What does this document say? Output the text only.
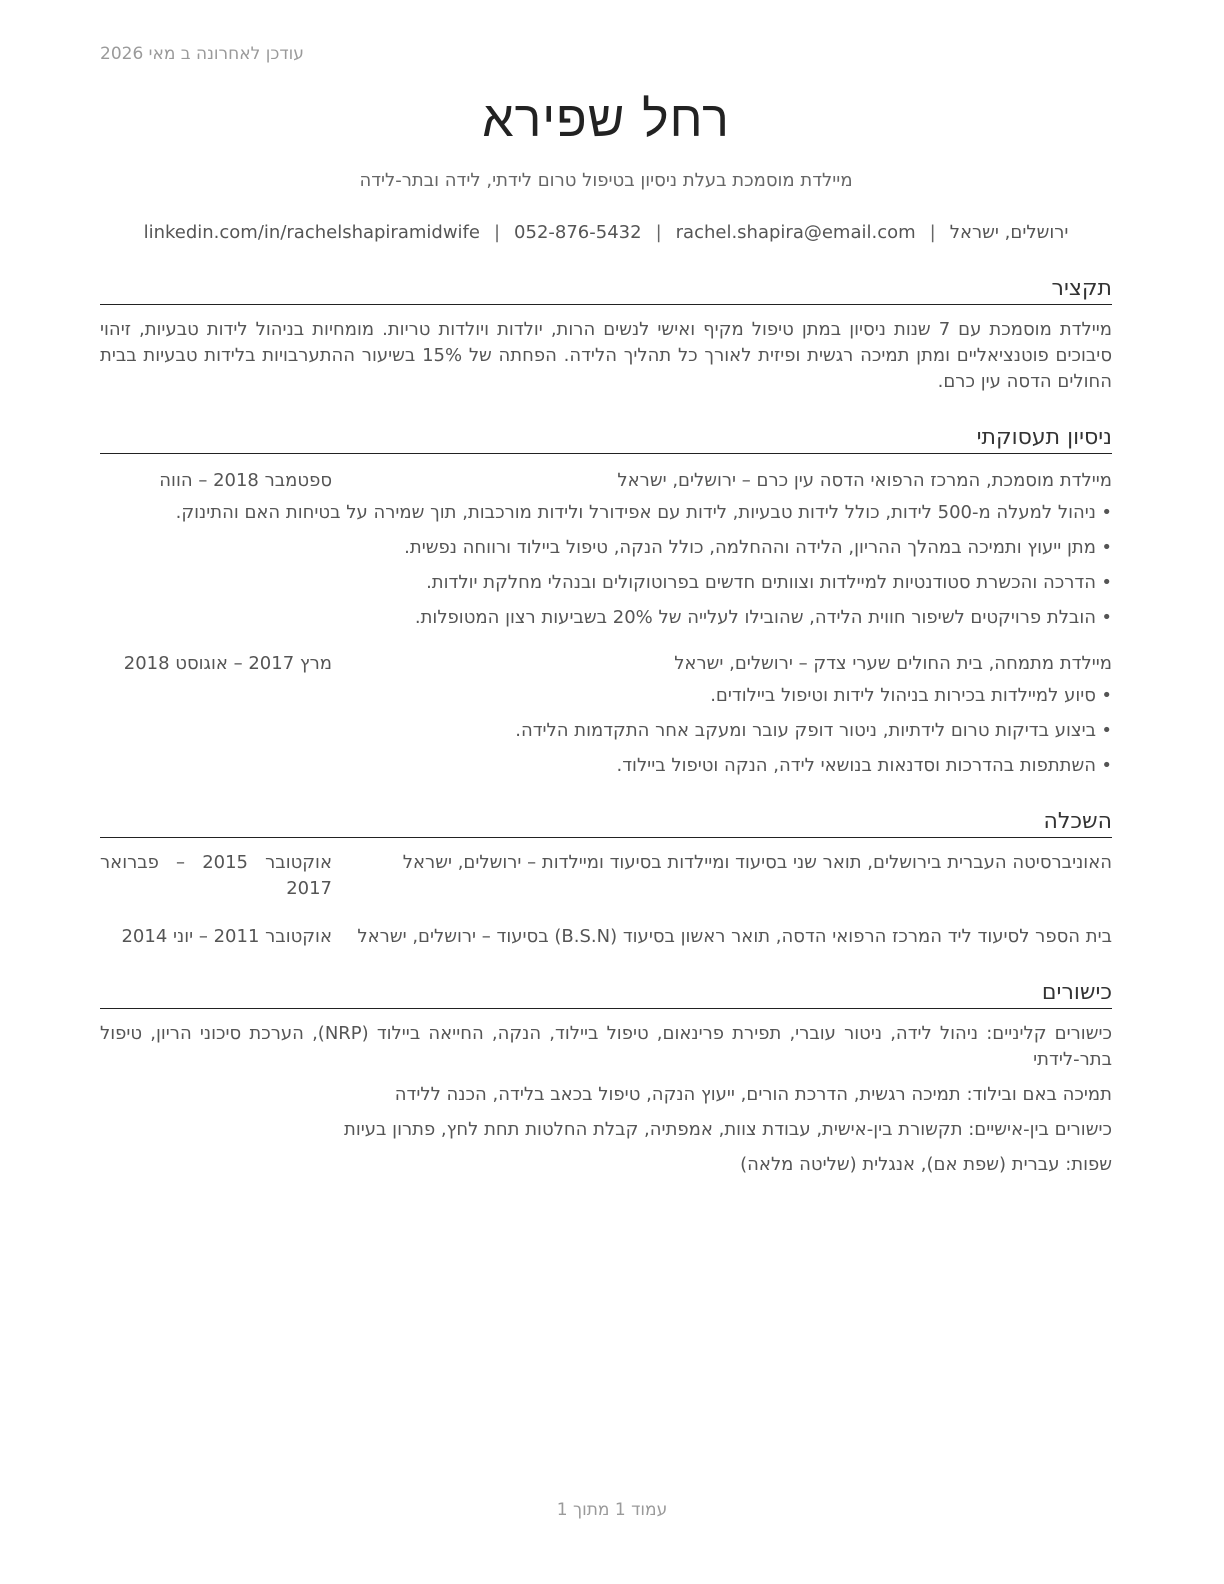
עודכן לאחרונה ב מאי 2026
רחל שפירא
מיילדת מוסמכת בעלת ניסיון בטיפול טרום לידתי, לידה ובתר-לידה
ירושלים, ישראל|rachel.shapira@email.com|052-876-5432|linkedin.com/in/rachelshapiramidwife
תקציר
מיילדת מוסמכת עם 7 שנות ניסיון במתן טיפול מקיף ואישי לנשים הרות, יולדות ויולדות טריות. מומחיות בניהול לידות טבעיות, זיהוי סיבוכים פוטנציאליים ומתן תמיכה רגשית ופיזית לאורך כל תהליך הלידה. הפחתה של 15% בשיעור ההתערבויות בלידות טבעיות בבית החולים הדסה עין כרם.
ניסיון תעסוקתי
מיילדת מוסמכת, המרכז הרפואי הדסה עין כרם – ירושלים, ישראל
ספטמבר 2018 – הווה
• ניהול למעלה מ-500 לידות, כולל לידות טבעיות, לידות עם אפידורל ולידות מורכבות, תוך שמירה על בטיחות האם והתינוק.
• מתן ייעוץ ותמיכה במהלך ההריון, הלידה וההחלמה, כולל הנקה, טיפול ביילוד ורווחה נפשית.
• הדרכה והכשרת סטודנטיות למיילדות וצוותים חדשים בפרוטוקולים ובנהלי מחלקת יולדות.
• הובלת פרויקטים לשיפור חווית הלידה, שהובילו לעלייה של 20% בשביעות רצון המטופלות.
מיילדת מתמחה, בית החולים שערי צדק – ירושלים, ישראל
מרץ 2017 – אוגוסט 2018
• סיוע למיילדות בכירות בניהול לידות וטיפול ביילודים.
• ביצוע בדיקות טרום לידתיות, ניטור דופק עובר ומעקב אחר התקדמות הלידה.
• השתתפות בהדרכות וסדנאות בנושאי לידה, הנקה וטיפול ביילוד.
השכלה
האוניברסיטה העברית בירושלים, תואר שני בסיעוד ומיילדות בסיעוד ומיילדות – ירושלים, ישראל
אוקטובר 2015 – פברואר 2017
בית הספר לסיעוד ליד המרכז הרפואי הדסה, תואר ראשון בסיעוד (B.S.N) בסיעוד – ירושלים, ישראל
אוקטובר 2011 – יוני 2014
כישורים

כישורים קליניים: ניהול לידה, ניטור עוברי, תפירת פרינאום, טיפול ביילוד, הנקה, החייאה ביילוד (NRP), הערכת סיכוני הריון, טיפול בתר-לידתי

תמיכה באם ובילוד: תמיכה רגשית, הדרכת הורים, ייעוץ הנקה, טיפול בכאב בלידה, הכנה ללידה

כישורים בין-אישיים: תקשורת בין-אישית, עבודת צוות, אמפתיה, קבלת החלטות תחת לחץ, פתרון בעיות

שפות: עברית (שפת אם), אנגלית (שליטה מלאה)

עמוד 1 מתוך 1
